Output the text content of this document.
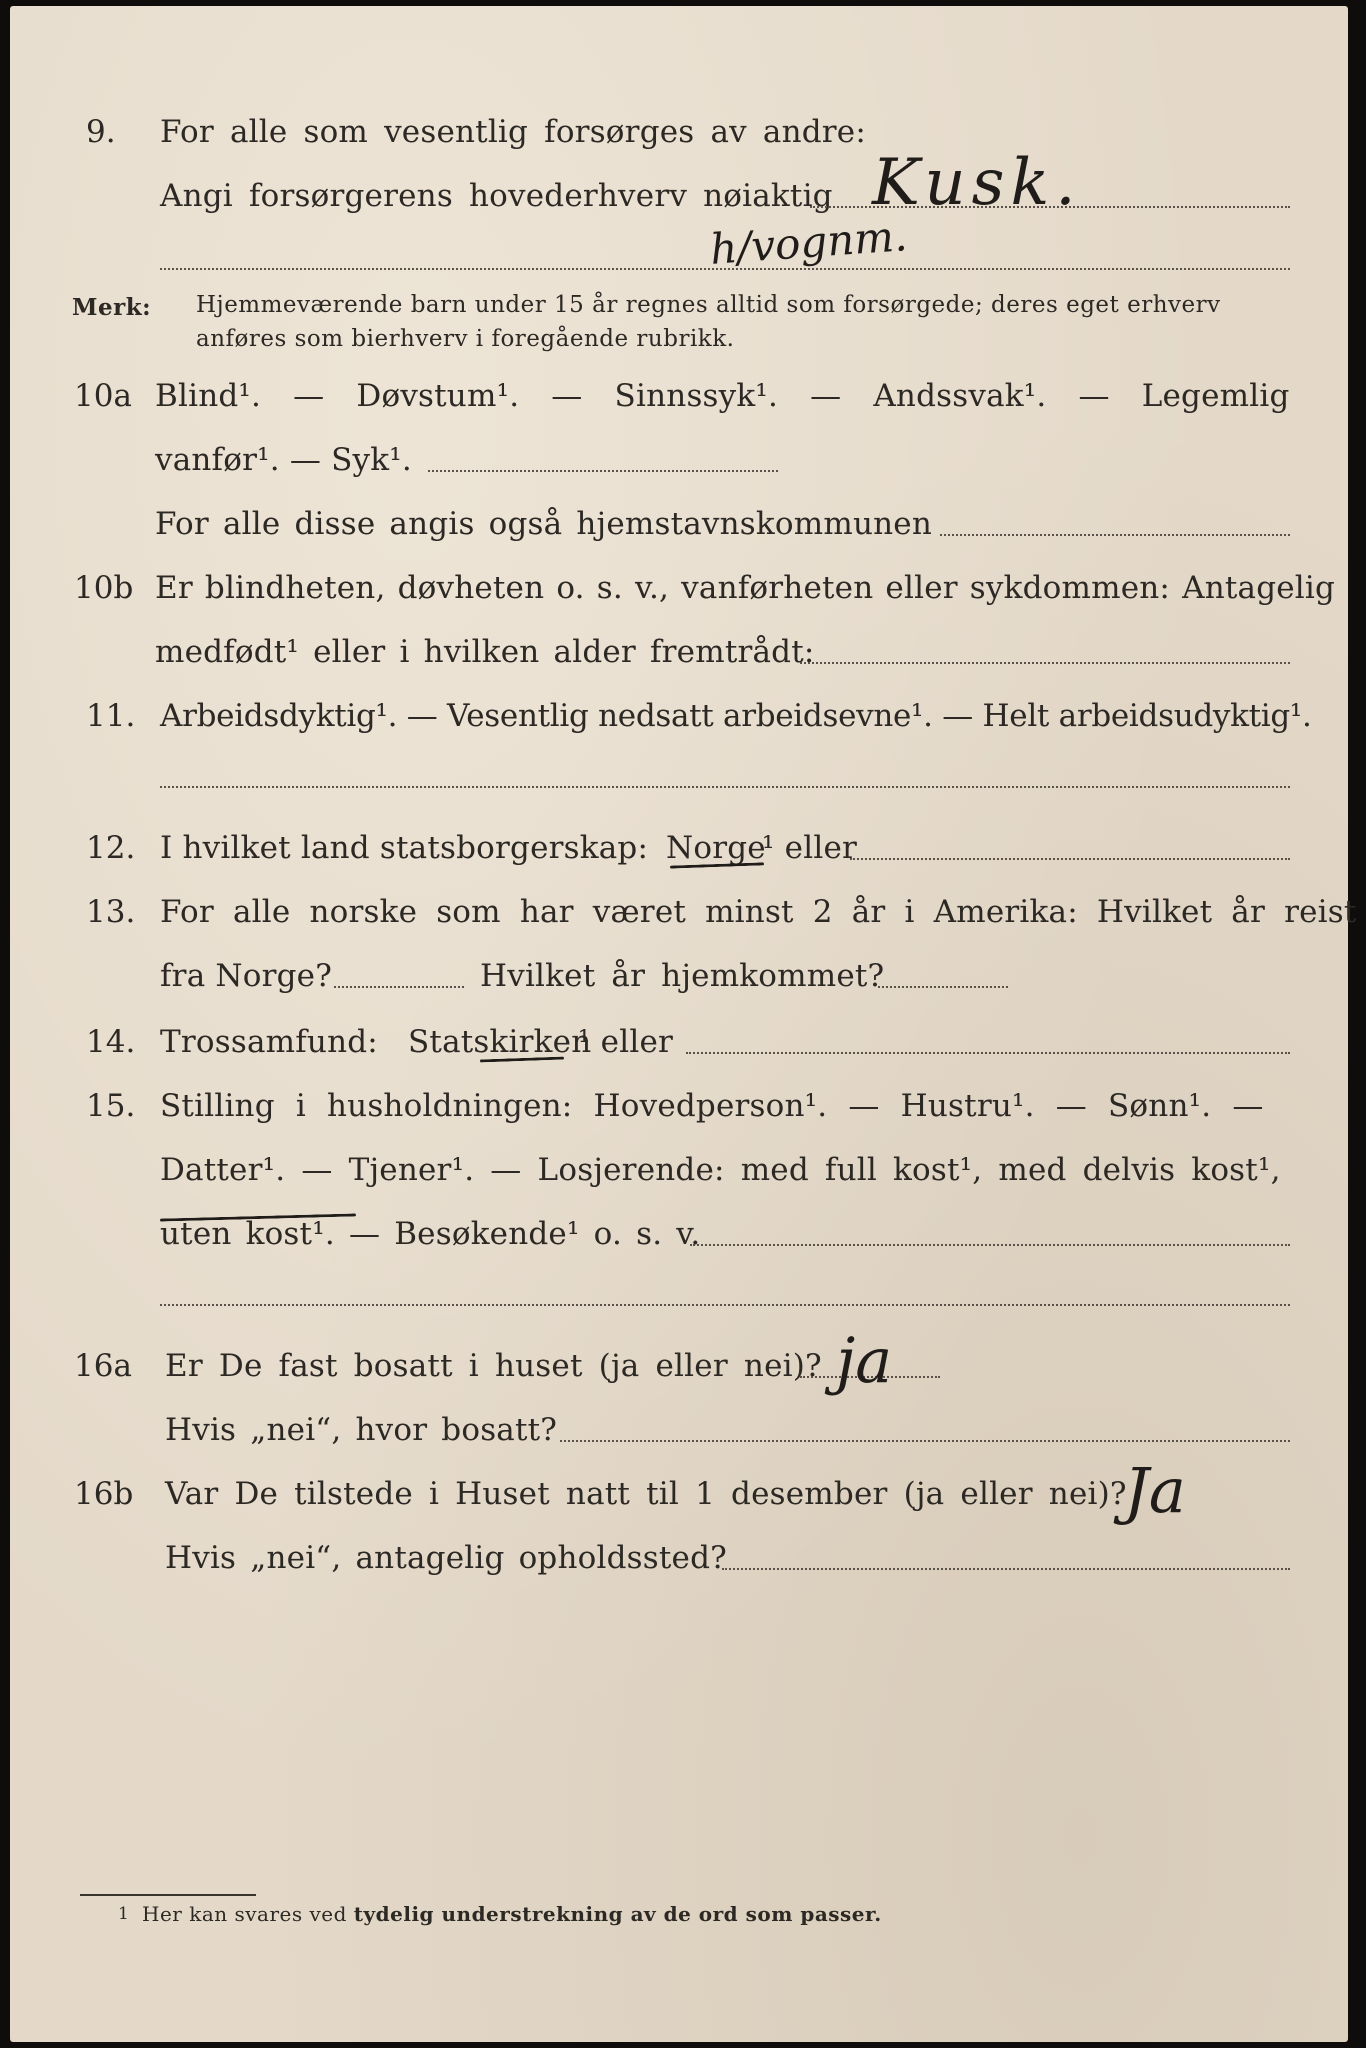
9. For alle som vesentlig forsørges av andre:
Angi forsørgerens hovederhverv nøiaktig Kusk.
h/vognm.
Merk: Hjemmeværende barn under 15 år regnes alltid som forsørgede; deres eget erhverv
anføres som bierhverv i foregående rubrikk.
10a Blind¹. — Døvstum¹. — Sinnssyk¹. — Andssvak¹. — Legemlig
vanfør¹. — Syk¹.
For alle disse angis også hjemstavnskommunen
10b Er blindheten, døvheten o. s. v., vanførheten eller sykdommen: Antagelig
medfødt¹ eller i hvilken alder fremtrådt:
11. Arbeidsdyktig¹. — Vesentlig nedsatt arbeidsevne¹. — Helt arbeidsudyktig¹.
12. I hvilket land statsborgerskap: Norge
¹ eller
13. For alle norske som har været minst 2 år i Amerika: Hvilket år reist
fra Norge?	Hvilket år hjemkommet?
14. Trossamfund: Statskirken
¹ eller
15. Stilling i husholdningen: Hovedperson¹. — Hustru¹. — Sønn¹. —
Datter¹. — Tjener¹. — Losjerende: med full kost¹, med delvis kost¹,
uten kost¹. — Besøkende¹ o. s. v.
16a Er De fast bosatt i huset (ja eller nei)? ja
Hvis „nei“, hvor bosatt?
16b Var De tilstede i Huset natt til 1 desember (ja eller nei)?
Ja
Hvis „nei“, antagelig opholdssted?
1 Her kan svares ved tydelig understrekning av de ord som passer.
